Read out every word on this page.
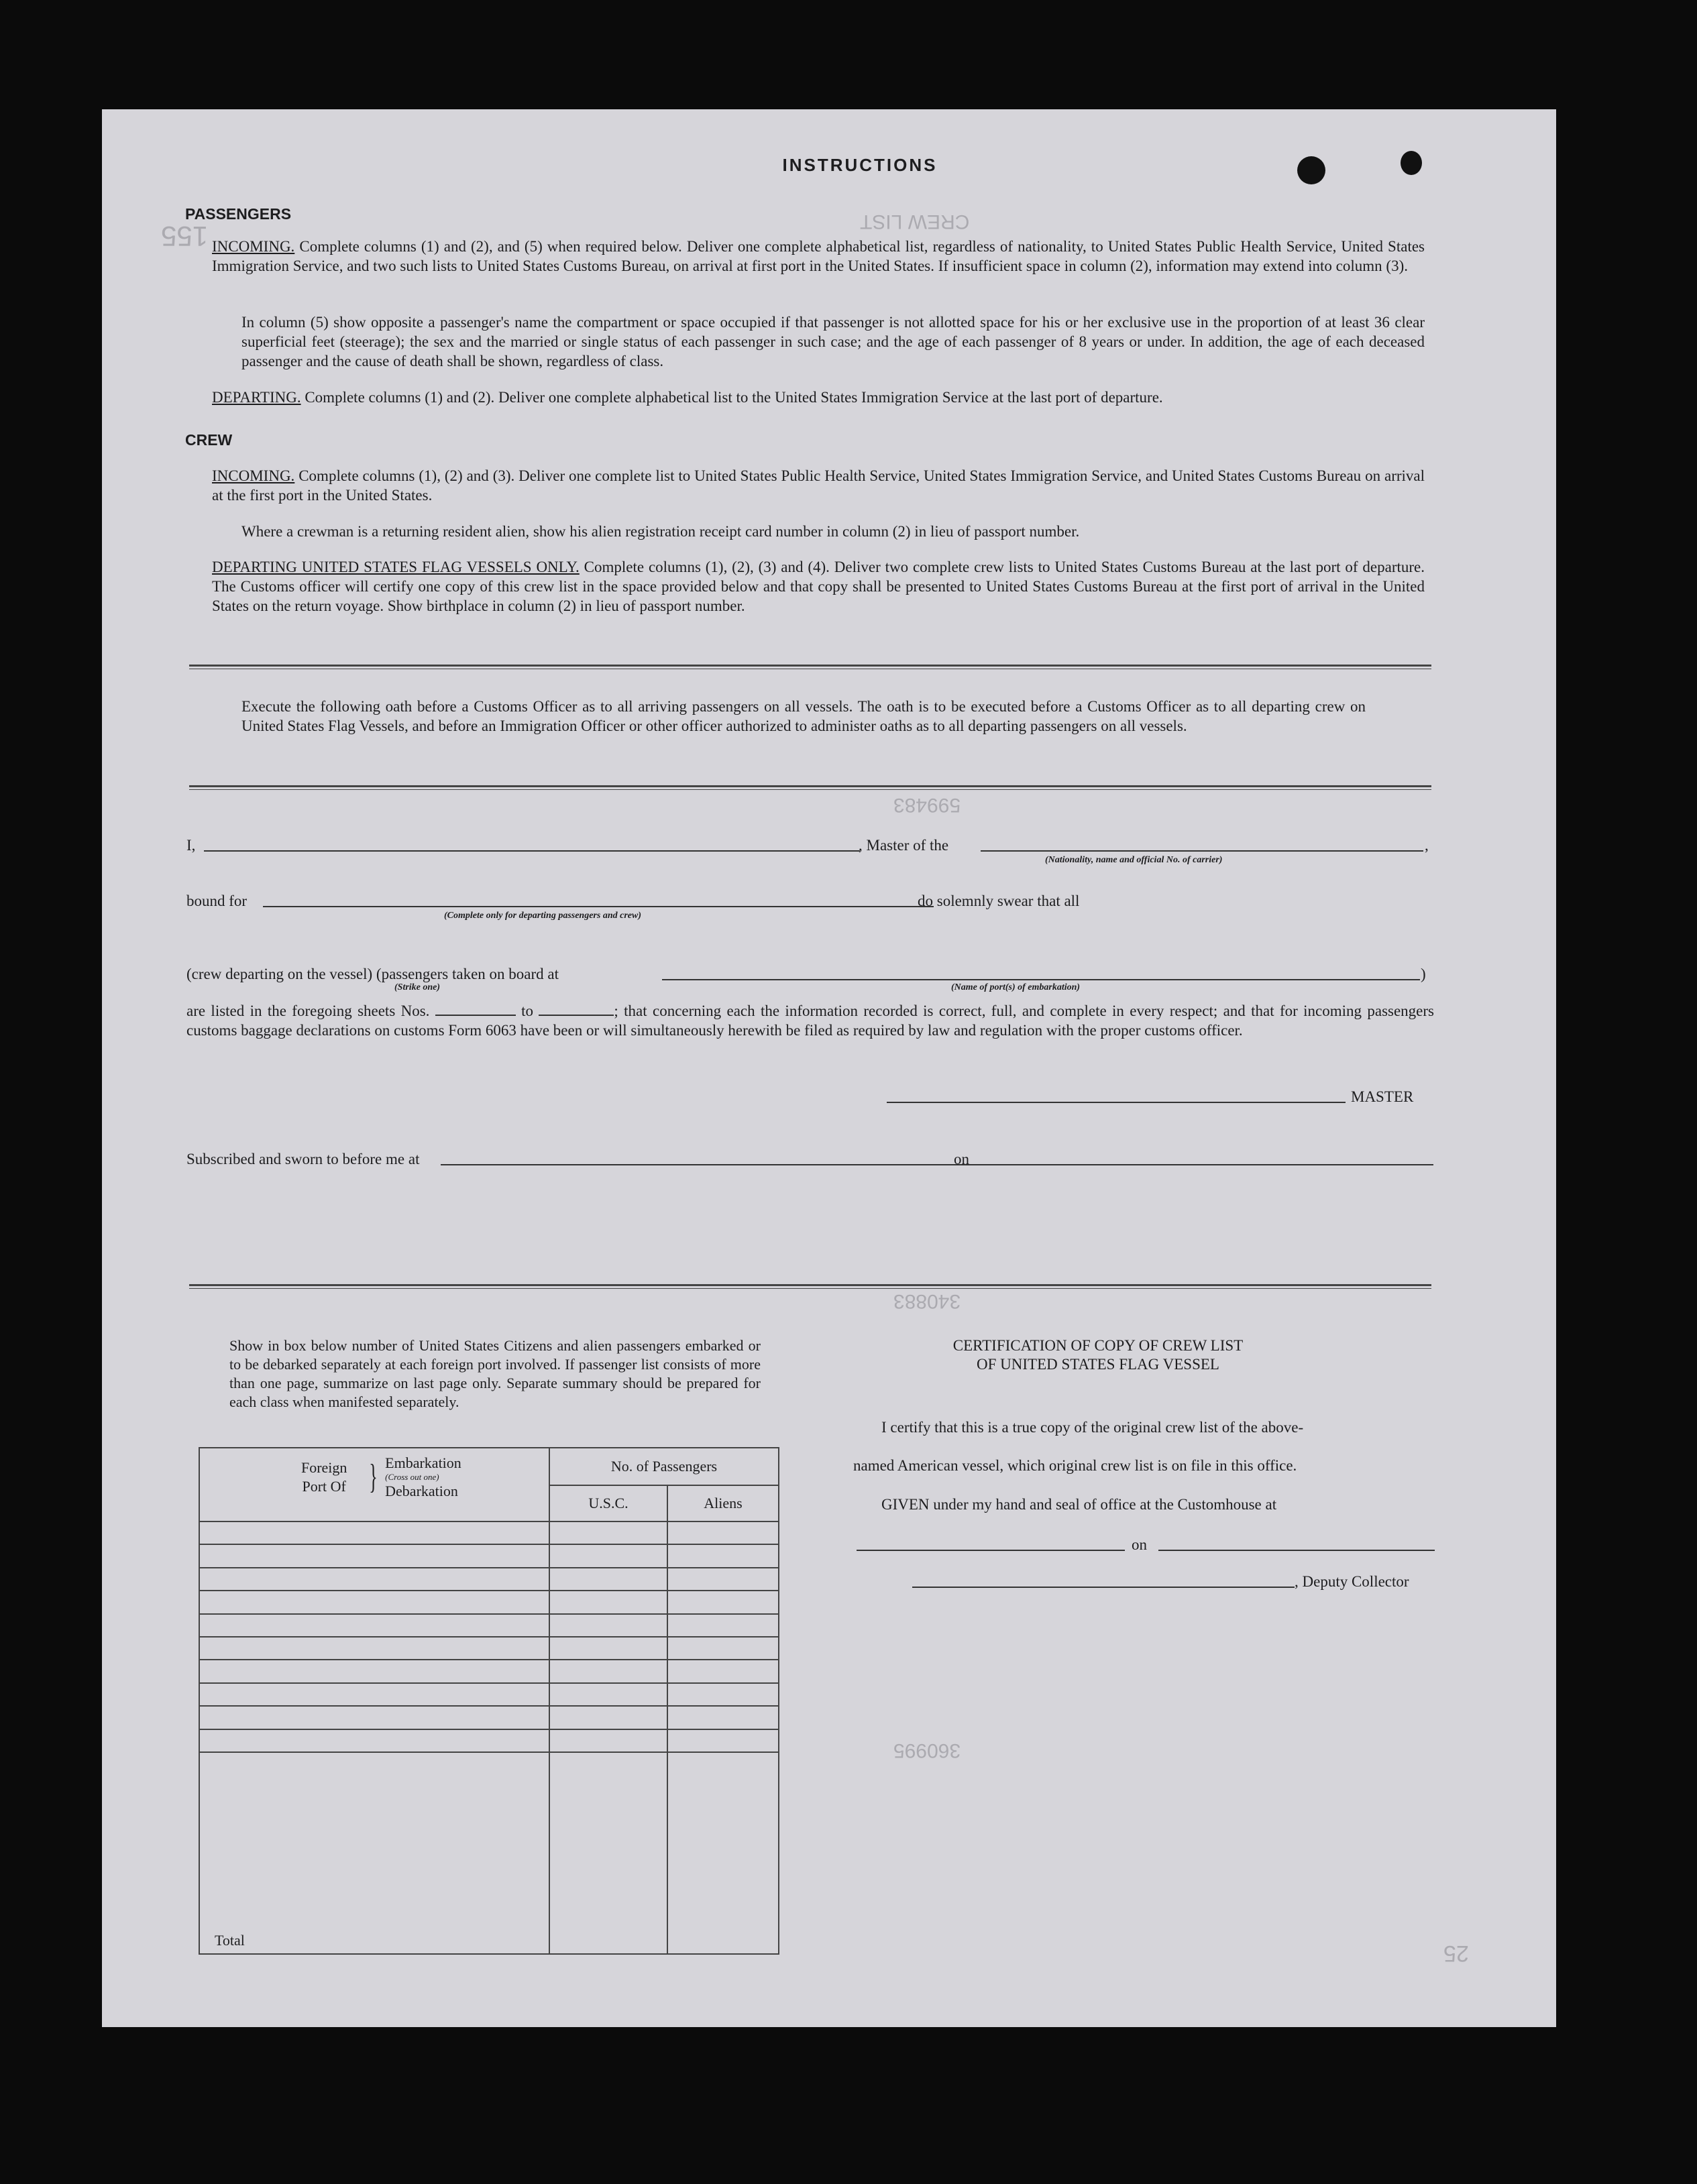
CREW LIST
599483
340883
360995
25
155
INSTRUCTIONS
PASSENGERS
INCOMING. Complete columns (1) and (2), and (5) when required below. Deliver one complete alphabetical list, regardless of nationality, to United States Public Health Service, United States Immigration Service, and two such lists to United States Customs Bureau, on arrival at first port in the United States. If insufficient space in column (2), information may extend into column (3).
In column (5) show opposite a passenger's name the compartment or space occupied if that passenger is not allotted space for his or her exclusive use in the proportion of at least 36 clear superficial feet (steerage); the sex and the married or single status of each passenger in such case; and the age of each passenger of 8 years or under. In addition, the age of each deceased passenger and the cause of death shall be shown, regardless of class.
DEPARTING. Complete columns (1) and (2). Deliver one complete alphabetical list to the United States Immigration Service at the last port of departure.
CREW
INCOMING. Complete columns (1), (2) and (3). Deliver one complete list to United States Public Health Service, United States Immigration Service, and United States Customs Bureau on arrival at the first port in the United States.
Where a crewman is a returning resident alien, show his alien registration receipt card number in column (2) in lieu of passport number.
DEPARTING UNITED STATES FLAG VESSELS ONLY. Complete columns (1), (2), (3) and (4). Deliver two complete crew lists to United States Customs Bureau at the last port of departure. The Customs officer will certify one copy of this crew list in the space provided below and that copy shall be presented to United States Customs Bureau at the first port of arrival in the United States on the return voyage. Show birthplace in column (2) in lieu of passport number.
Execute the following oath before a Customs Officer as to all arriving passengers on all vessels. The oath is to be executed before a Customs Officer as to all departing crew on United States Flag Vessels, and before an Immigration Officer or other officer authorized to administer oaths as to all departing passengers on all vessels.
I,	, Master of the	,
(Nationality, name and official No. of carrier)
bound for
(Complete only for departing passengers and crew)
do solemnly swear that all
(crew departing on the vessel) (passengers taken on board at	)
(Strike one)	(Name of port(s) of embarkation)
are listed in the foregoing sheets Nos.	to	; that concerning each the information recorded is correct, full, and complete in every respect; and that for incoming passengers customs baggage declarations on customs Form 6063 have been or will simultaneously herewith be filed as required by law and regulation with the proper customs officer.
MASTER
Subscribed and sworn to before me at	on
Show in box below number of United States Citizens and alien passengers embarked or to be debarked separately at each foreign port involved. If passenger list consists of more than one page, summarize on last page only. Separate summary should be prepared for each class when manifested separately.
Foreign Port Of } Embarkation
(Cross out one)
Debarkation	No. of Passengers	
	U.S.C.	Aliens

Total		
CERTIFICATION OF COPY OF CREW LIST
OF UNITED STATES FLAG VESSEL
I certify that this is a true copy of the original crew list of the above-
named American vessel, which original crew list is on file in this office.
GIVEN under my hand and seal of office at the Customhouse at
on
, Deputy Collector
